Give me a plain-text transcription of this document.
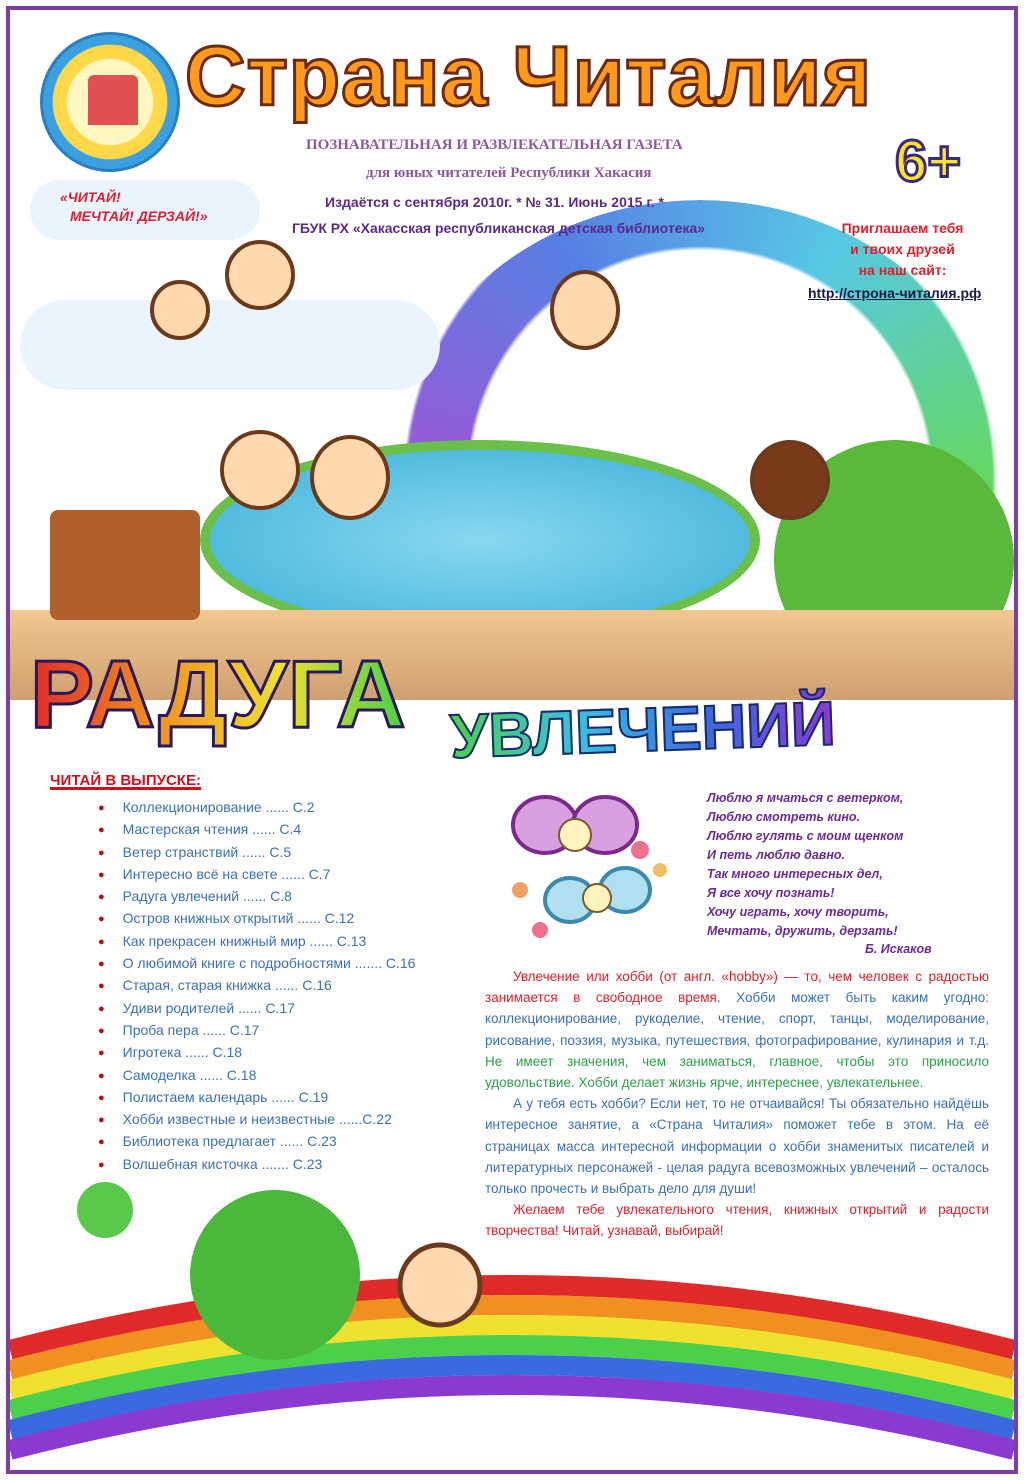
Страна Читалия
6+
ПОЗНАВАТЕЛЬНАЯ И РАЗВЛЕКАТЕЛЬНАЯ ГАЗЕТА
для юных читателей Республики Хакасия
Издаётся с сентября 2010г. * № 31. Июнь 2015 г. *
ГБУК РХ «Хакасская республиканская детская библиотека»
«ЧИТАЙ!
МЕЧТАЙ! ДЕРЗАЙ!»
Приглашаем тебя
и твоих друзей
на наш сайт:
http://строна-читалия.рф
РАДУГА УВЛЕЧЕНИЙ
ЧИТАЙ В ВЫПУСКЕ:
● Коллекционирование ...... С.2
● Мастерская чтения ...... С.4
● Ветер странствий ...... С.5
● Интересно всё на свете ...... С.7
● Радуга увлечений ...... С.8
● Остров книжных открытий ...... С.12
● Как прекрасен книжный мир ...... С.13
● О любимой книге с подробностями ....... С.16
● Старая, старая книжка ...... С.16
● Удиви родителей ...... С.17
● Проба пера ...... С.17
● Игротека ...... С.18
● Самоделка ...... С.18
● Полистаем календарь ...... С.19
● Хобби известные и неизвестные ......С.22
● Библиотека предлагает ...... С.23
● Волшебная кисточка ....... С.23
Люблю я мчаться с ветерком,
Люблю смотреть кино.
Люблю гулять с моим щенком
И петь люблю давно.
Так много интересных дел,
Я все хочу познать!
Хочу играть, хочу творить,
Мечтать, дружить, дерзать!
Б. Искаков

Увлечение или хобби (от англ. «hobby») — то, чем человек с радостью занимается в свободное время. Хобби может быть каким угодно: коллекционирование, рукоделие, чтение, спорт, танцы, моделирование, рисование, поэзия, музыка, путешествия, фотографирование, кулинария и т.д. Не имеет значения, чем заниматься, главное, чтобы это приносило удовольствие. Хобби делает жизнь ярче, интереснее, увлекательнее.

А у тебя есть хобби? Если нет, то не отчаивайся! Ты обязательно найдёшь интересное занятие, а «Страна Читалия» поможет тебе в этом. На её страницах масса интересной информации о хобби знаменитых писателей и литературных персонажей - целая радуга всевозможных увлечений – осталось только прочесть и выбрать дело для души!

Желаем тебе увлекательного чтения, книжных открытий и радости творчества! Читай, узнавай, выбирай!
